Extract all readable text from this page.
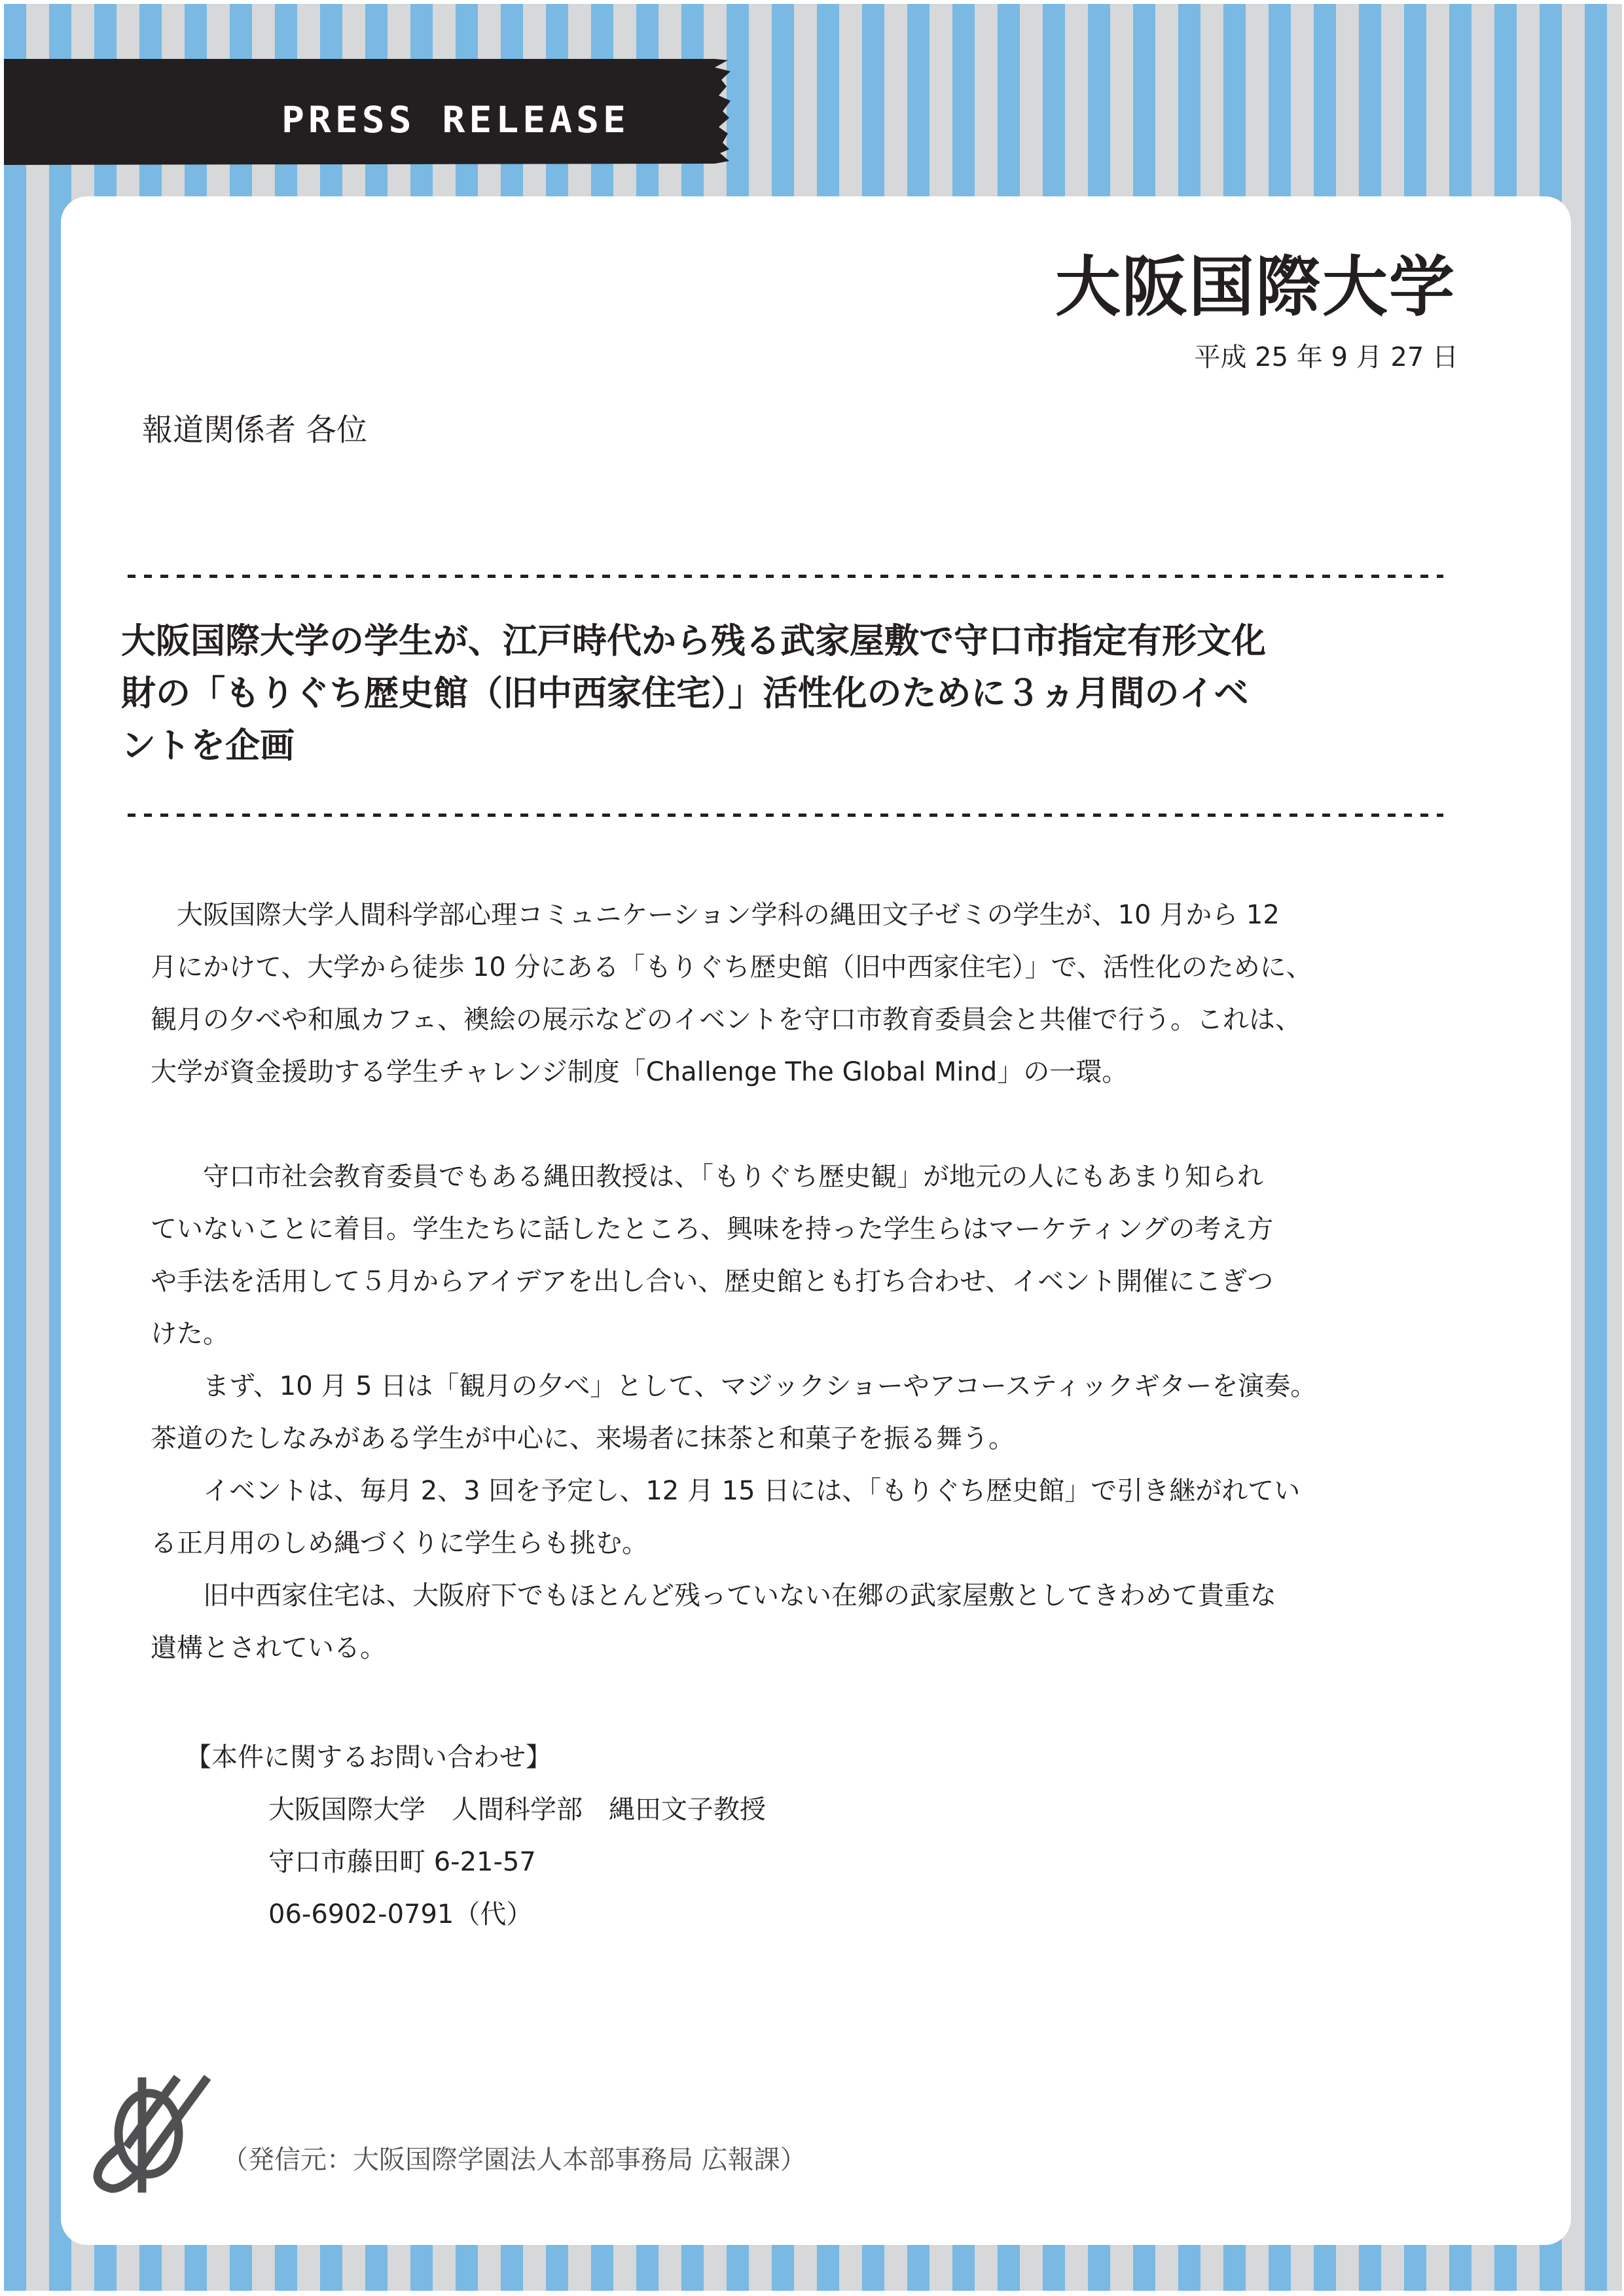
PRESS RELEASE
大阪国際大学
平成 25 年 9 月 27 日
報道関係者 各位
大阪国際大学の学生が、江戸時代から残る武家屋敷で守口市指定有形文化
財の「もりぐち歴史館（旧中西家住宅）」活性化のために３ヵ月間のイベ
ントを企画
　大阪国際大学人間科学部心理コミュニケーション学科の縄田文子ゼミの学生が、10 月から 12
月にかけて、大学から徒歩 10 分にある「もりぐち歴史館（旧中西家住宅）」で、活性化のために、
観月の夕べや和風カフェ、襖絵の展示などのイベントを守口市教育委員会と共催で行う。これは、
大学が資金援助する学生チャレンジ制度「Challenge The Global Mind」の一環。
　　守口市社会教育委員でもある縄田教授は、「もりぐち歴史観」が地元の人にもあまり知られ
ていないことに着目。学生たちに話したところ、興味を持った学生らはマーケティングの考え方
や手法を活用して５月からアイデアを出し合い、歴史館とも打ち合わせ、イベント開催にこぎつ
けた。
　　まず、10 月 5 日は「観月の夕べ」として、マジックショーやアコースティックギターを演奏。
茶道のたしなみがある学生が中心に、来場者に抹茶と和菓子を振る舞う。
　　イベントは、毎月 2、3 回を予定し、12 月 15 日には、「もりぐち歴史館」で引き継がれてい
る正月用のしめ縄づくりに学生らも挑む。
　　旧中西家住宅は、大阪府下でもほとんど残っていない在郷の武家屋敷としてきわめて貴重な
遺構とされている。
【本件に関するお問い合わせ】
大阪国際大学　人間科学部　縄田文子教授
守口市藤田町 6-21-57
06-6902-0791（代）
（発信元：大阪国際学園法人本部事務局 広報課）
